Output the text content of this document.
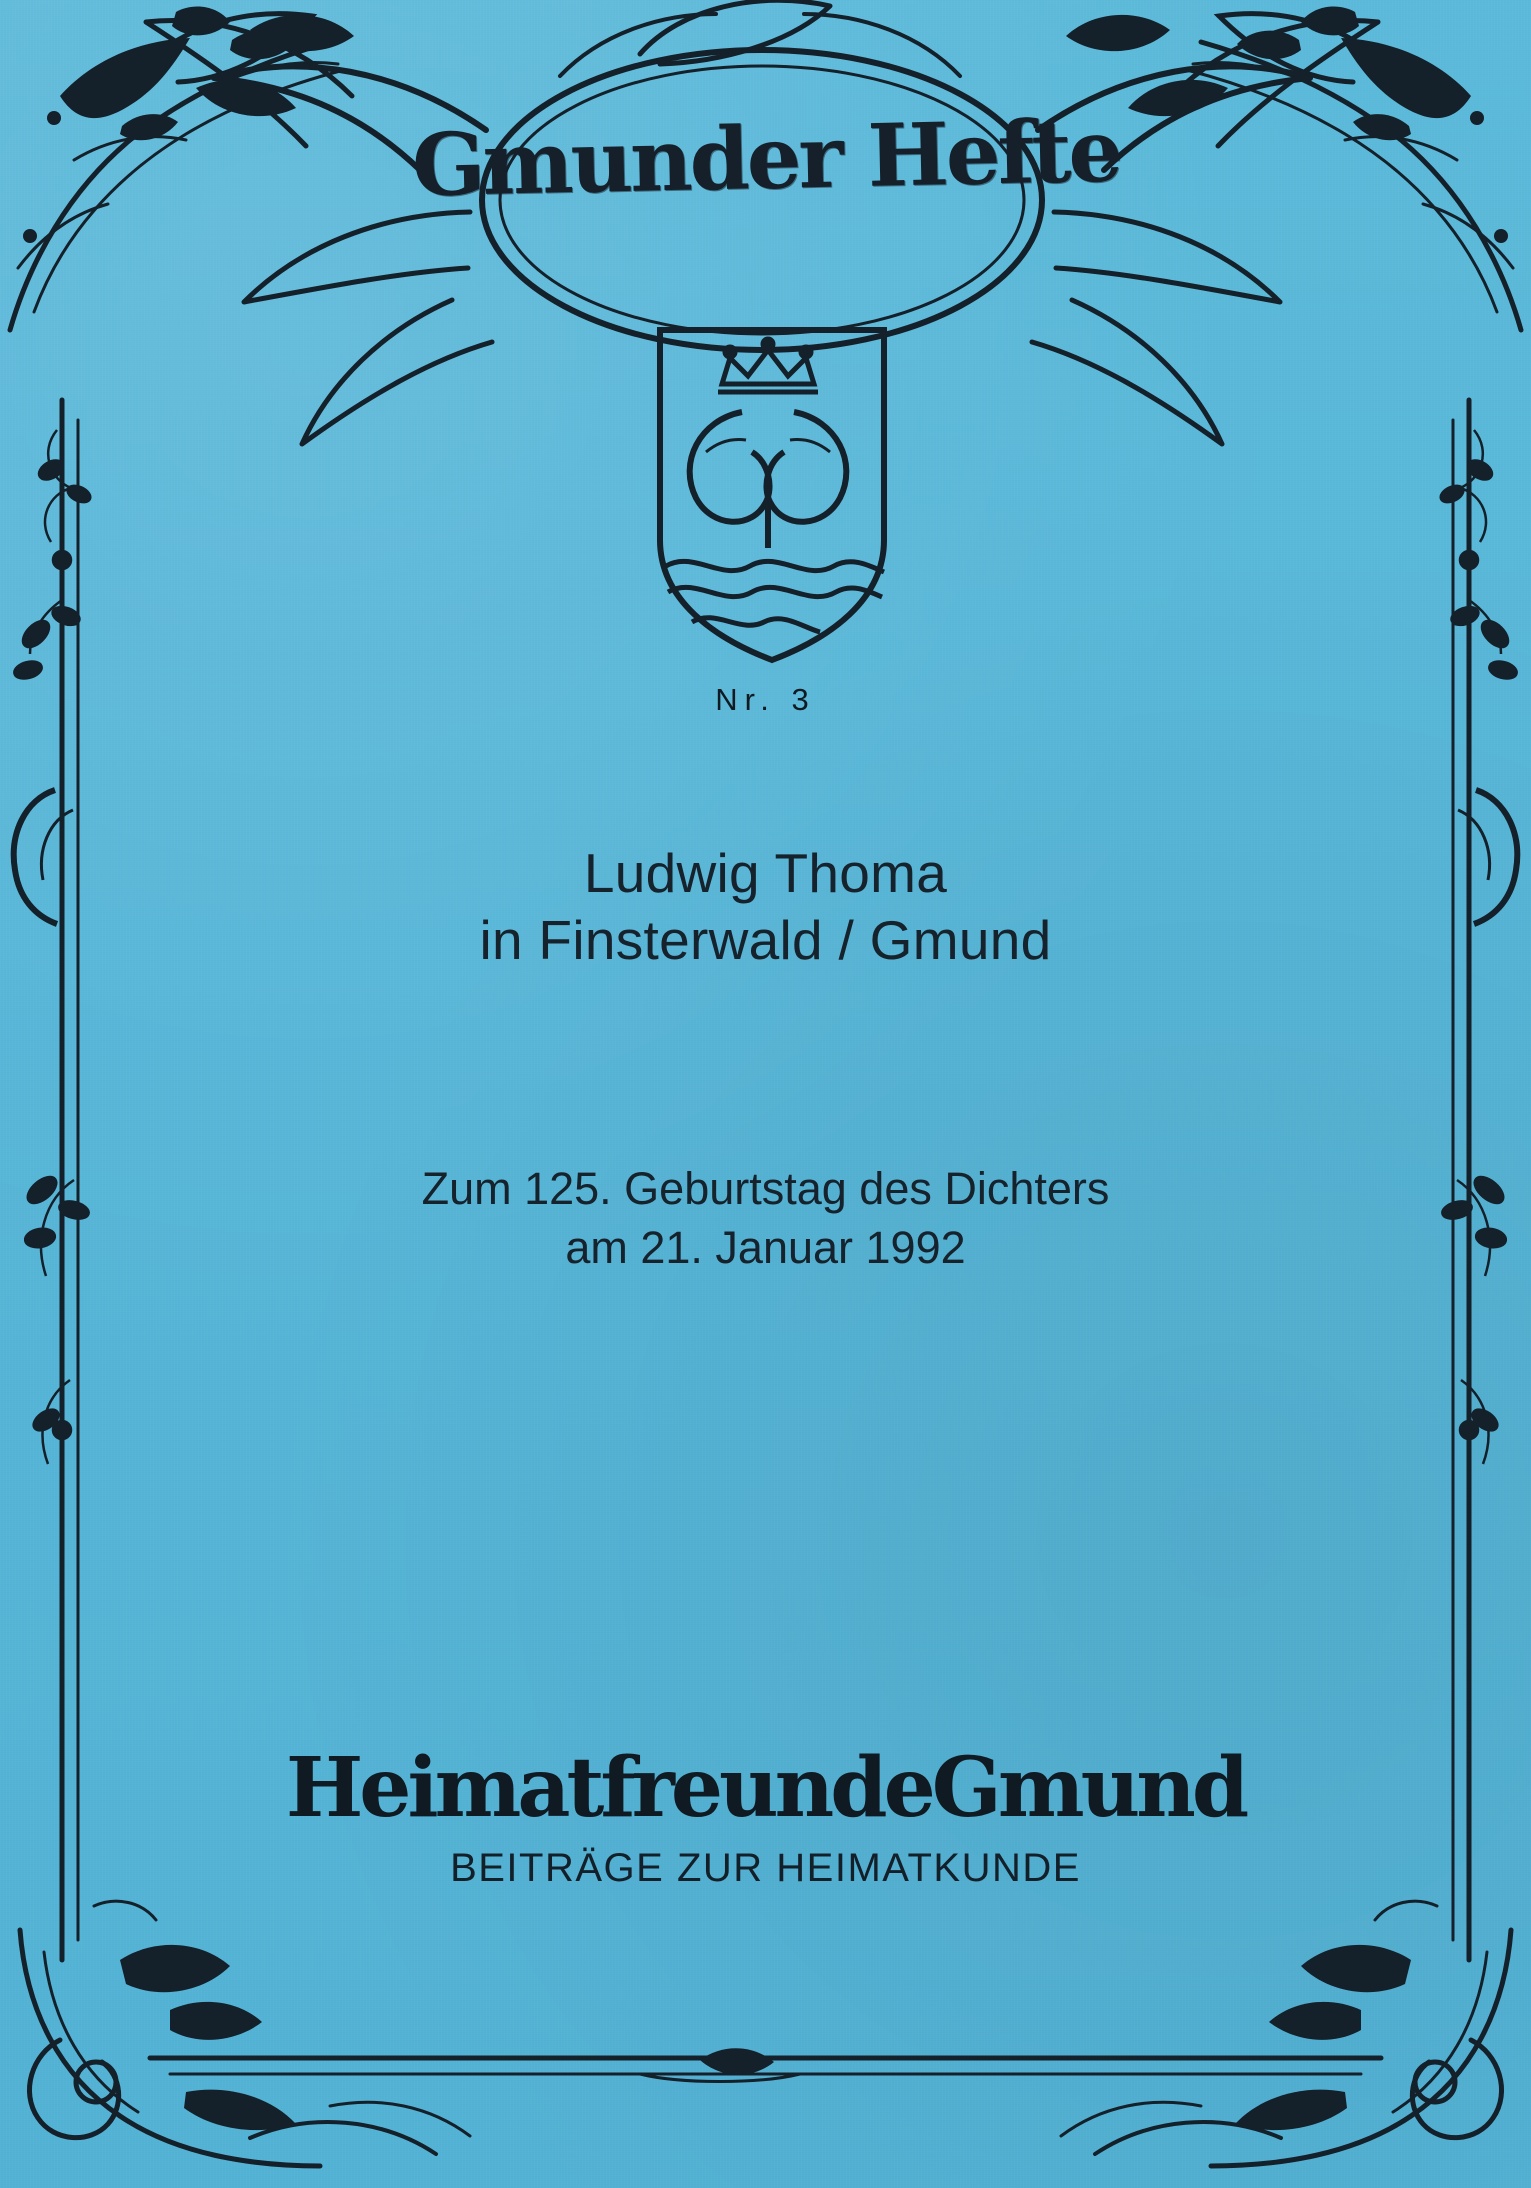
Gmunder Hefte
Nr. 3
Ludwig Thoma
in Finsterwald / Gmund
Zum 125. Geburtstag des Dichters
am 21. Januar 1992
HeimatfreundeGmund
BEITRÄGE ZUR HEIMATKUNDE
